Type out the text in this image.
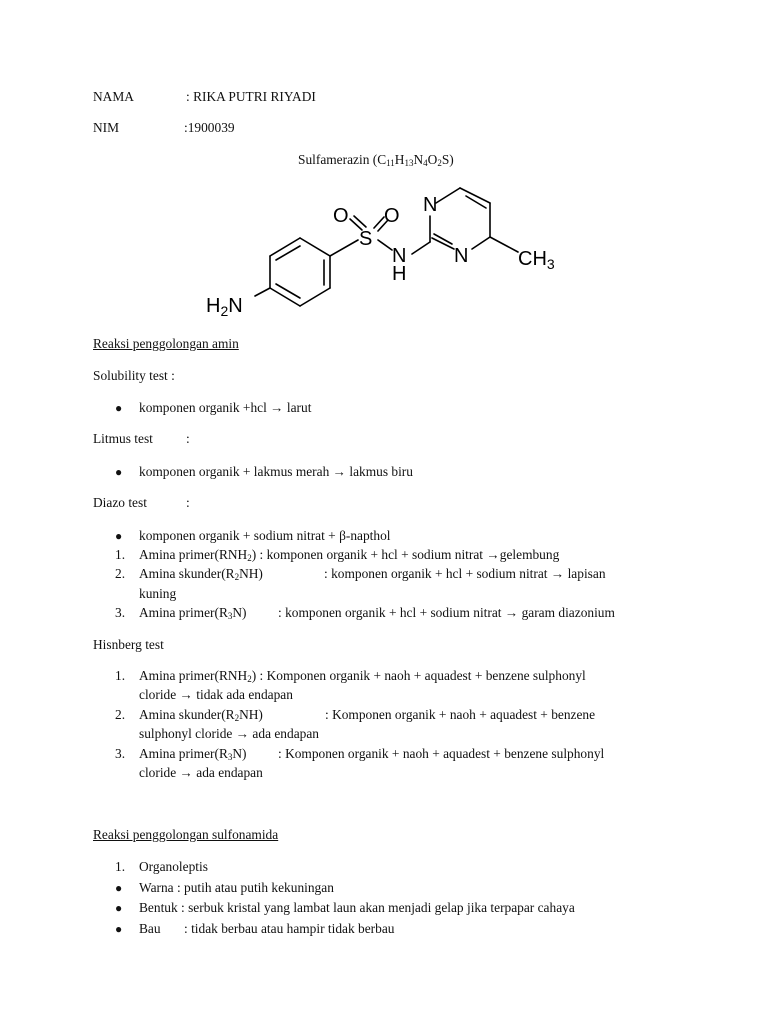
NAMA	: RIKA PUTRI RIYADI
NIM	:1900039
Sulfamerazin $(C_{11}H_{13}N_4O_2S)$
O O
S
N
H
N
N $CH_3$
$H_2N$
Reaksi penggolongan amin
Solubility test :
● komponen organik +hcl → larut
Litmus test :
● komponen organik + lakmus merah → lakmus biru
Diazo test	:
● komponen organik + sodium nitrat + β-napthol
1. Amina $primer(RNH_2)$ : komponen organik + hcl + sodium nitrat →gelembung
2. Amina $skunder(R_2NH)$	: komponen organik + hcl + sodium nitrat → lapisan
kuning
3. Amina $primer(R_3N)$ : komponen organik + hcl + sodium nitrat → garam diazonium
Hisnberg test
1. Amina $primer(RNH_2)$ : Komponen organik + naoh + aquadest + benzene sulphonyl
cloride → tidak ada endapan
2. Amina $skunder(R_2NH)$	: Komponen organik + naoh + aquadest + benzene
sulphonyl cloride → ada endapan
3. Amina $primer(R_3N)$ : Komponen organik + naoh + aquadest + benzene sulphonyl
cloride → ada endapan
Reaksi penggolongan sulfonamida
1. Organoleptis
● Warna : putih atau putih kekuningan
● Bentuk : serbuk kristal yang lambat laun akan menjadi gelap jika terpapar cahaya
● Bau       : tidak berbau atau hampir tidak berbau
